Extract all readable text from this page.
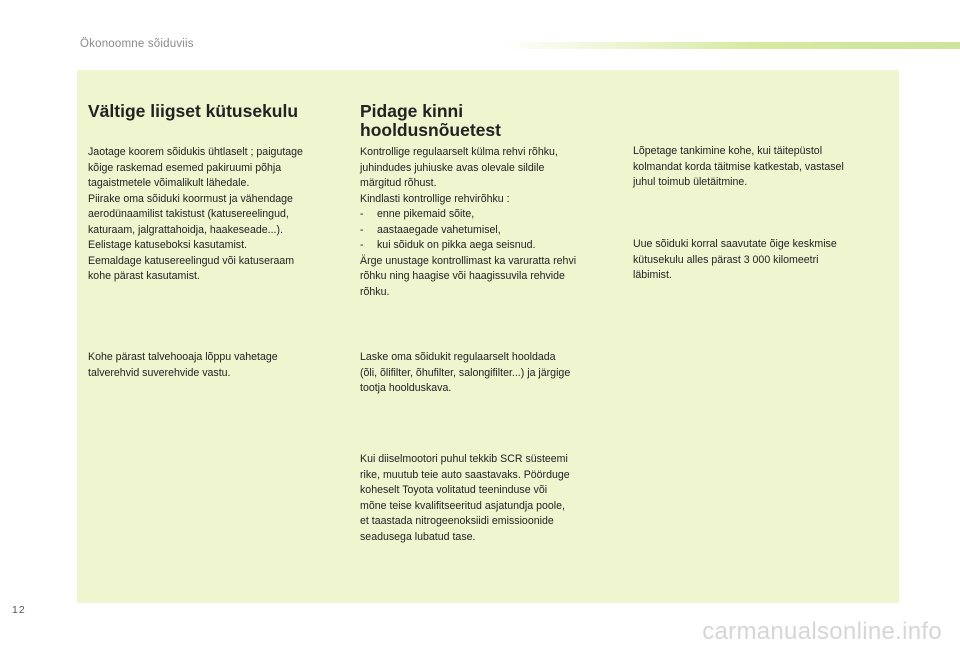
Ökonoomne sõiduviis
Vältige liigset kütusekulu

Jaotage koorem sõidukis ühtlaselt ; paigutage
kõige raskemad esemed pakiruumi põhja
tagaistmetele võimalikult lähedale.
Piirake oma sõiduki koormust ja vähendage
aerodünaamilist takistust (katusereelingud,
katuraam, jalgrattahoidja, haakeseade...).
Eelistage katuseboksi kasutamist.
Eemaldage katusereelingud või katuseraam
kohe pärast kasutamist.

Kohe pärast talvehooaja lõppu vahetage
talverehvid suverehvide vastu.

Pidage kinni
hooldusnõuetest

Kontrollige regulaarselt külma rehvi rõhku,
juhindudes juhiuske avas olevale sildile
märgitud rõhust.
Kindlasti kontrollige rehvirõhku :

- enne pikemaid sõite,
- aastaaegade vahetumisel,
- kui sõiduk on pikka aega seisnud.

Ärge unustage kontrollimast ka varuratta rehvi
rõhku ning haagise või haagissuvila rehvide
rõhku.

Laske oma sõidukit regulaarselt hooldada
(õli, õlifilter, õhufilter, salongifilter...) ja järgige
tootja hoolduskava.

Kui diiselmootori puhul tekkib SCR süsteemi
rike, muutub teie auto saastavaks. Pöörduge
koheselt Toyota volitatud teeninduse või
mõne teise kvalifitseeritud asjatundja poole,
et taastada nitrogeenoksiidi emissioonide
seadusega lubatud tase.

Lõpetage tankimine kohe, kui täitepüstol
kolmandat korda täitmise katkestab, vastasel
juhul toimub ületäitmine.

Uue sõiduki korral saavutate õige keskmise
kütusekulu alles pärast 3 000 kilomeetri
läbimist.

12
carmanualsonline.info
